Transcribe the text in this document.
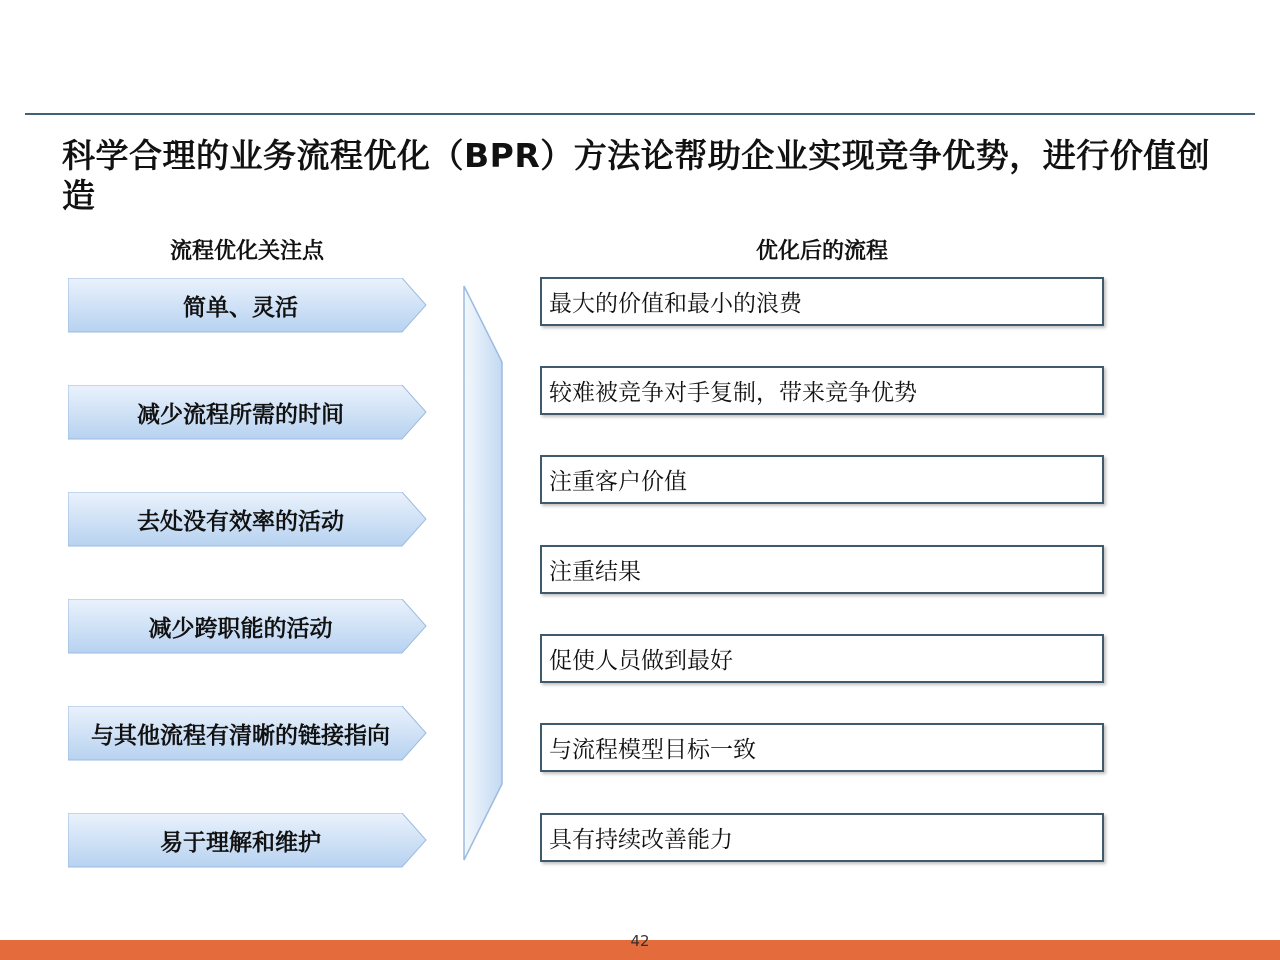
科学合理的业务流程优化（BPR）方法论帮助企业实现竞争优势，进行价值创造
流程优化关注点	优化后的流程
简单、灵活
减少流程所需的时间
去处没有效率的活动
减少跨职能的活动
与其他流程有清晰的链接指向
易于理解和维护
最大的价值和最小的浪费
较难被竞争对手复制，带来竞争优势
注重客户价值
注重结果
促使人员做到最好
与流程模型目标一致
具有持续改善能力
42
